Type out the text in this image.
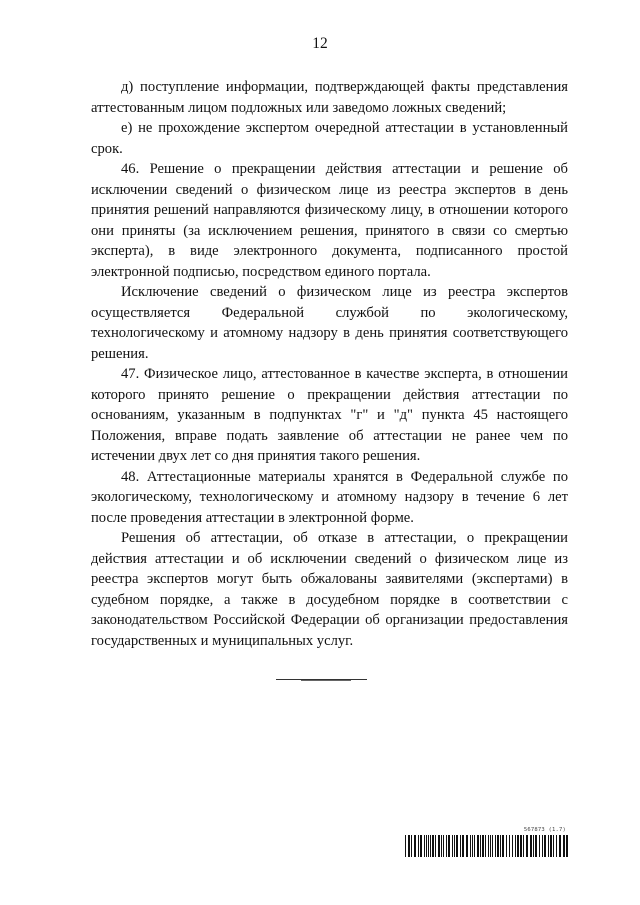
12

д) поступление информации, подтверждающей факты представления аттестованным лицом подложных или заведомо ложных сведений;

е) не прохождение экспертом очередной аттестации в установленный срок.

46. Решение о прекращении действия аттестации и решение об исключении сведений о физическом лице из реестра экспертов в день принятия решений направляются физическому лицу, в отношении которого они приняты (за исключением решения, принятого в связи со смертью эксперта), в виде электронного документа, подписанного простой электронной подписью, посредством единого портала.

Исключение сведений о физическом лице из реестра экспертов осуществляется Федеральной службой по экологическому, технологическому и атомному надзору в день принятия соответствующего решения.

47. Физическое лицо, аттестованное в качестве эксперта, в отношении которого принято решение о прекращении действия аттестации по основаниям, указанным в подпунктах "г" и "д" пункта 45 настоящего Положения, вправе подать заявление об аттестации не ранее чем по истечении двух лет со дня принятия такого решения.

48. Аттестационные материалы хранятся в Федеральной службе по экологическому, технологическому и атомному надзору в течение 6 лет после проведения аттестации в электронной форме.

Решения об аттестации, об отказе в аттестации, о прекращении действия аттестации и об исключении сведений о физическом лице из реестра экспертов могут быть обжалованы заявителями (экспертами) в судебном порядке, а также в досудебном порядке в соответствии с законодательством Российской Федерации об организации предоставления государственных и муниципальных услуг.

567873 (1.7)
